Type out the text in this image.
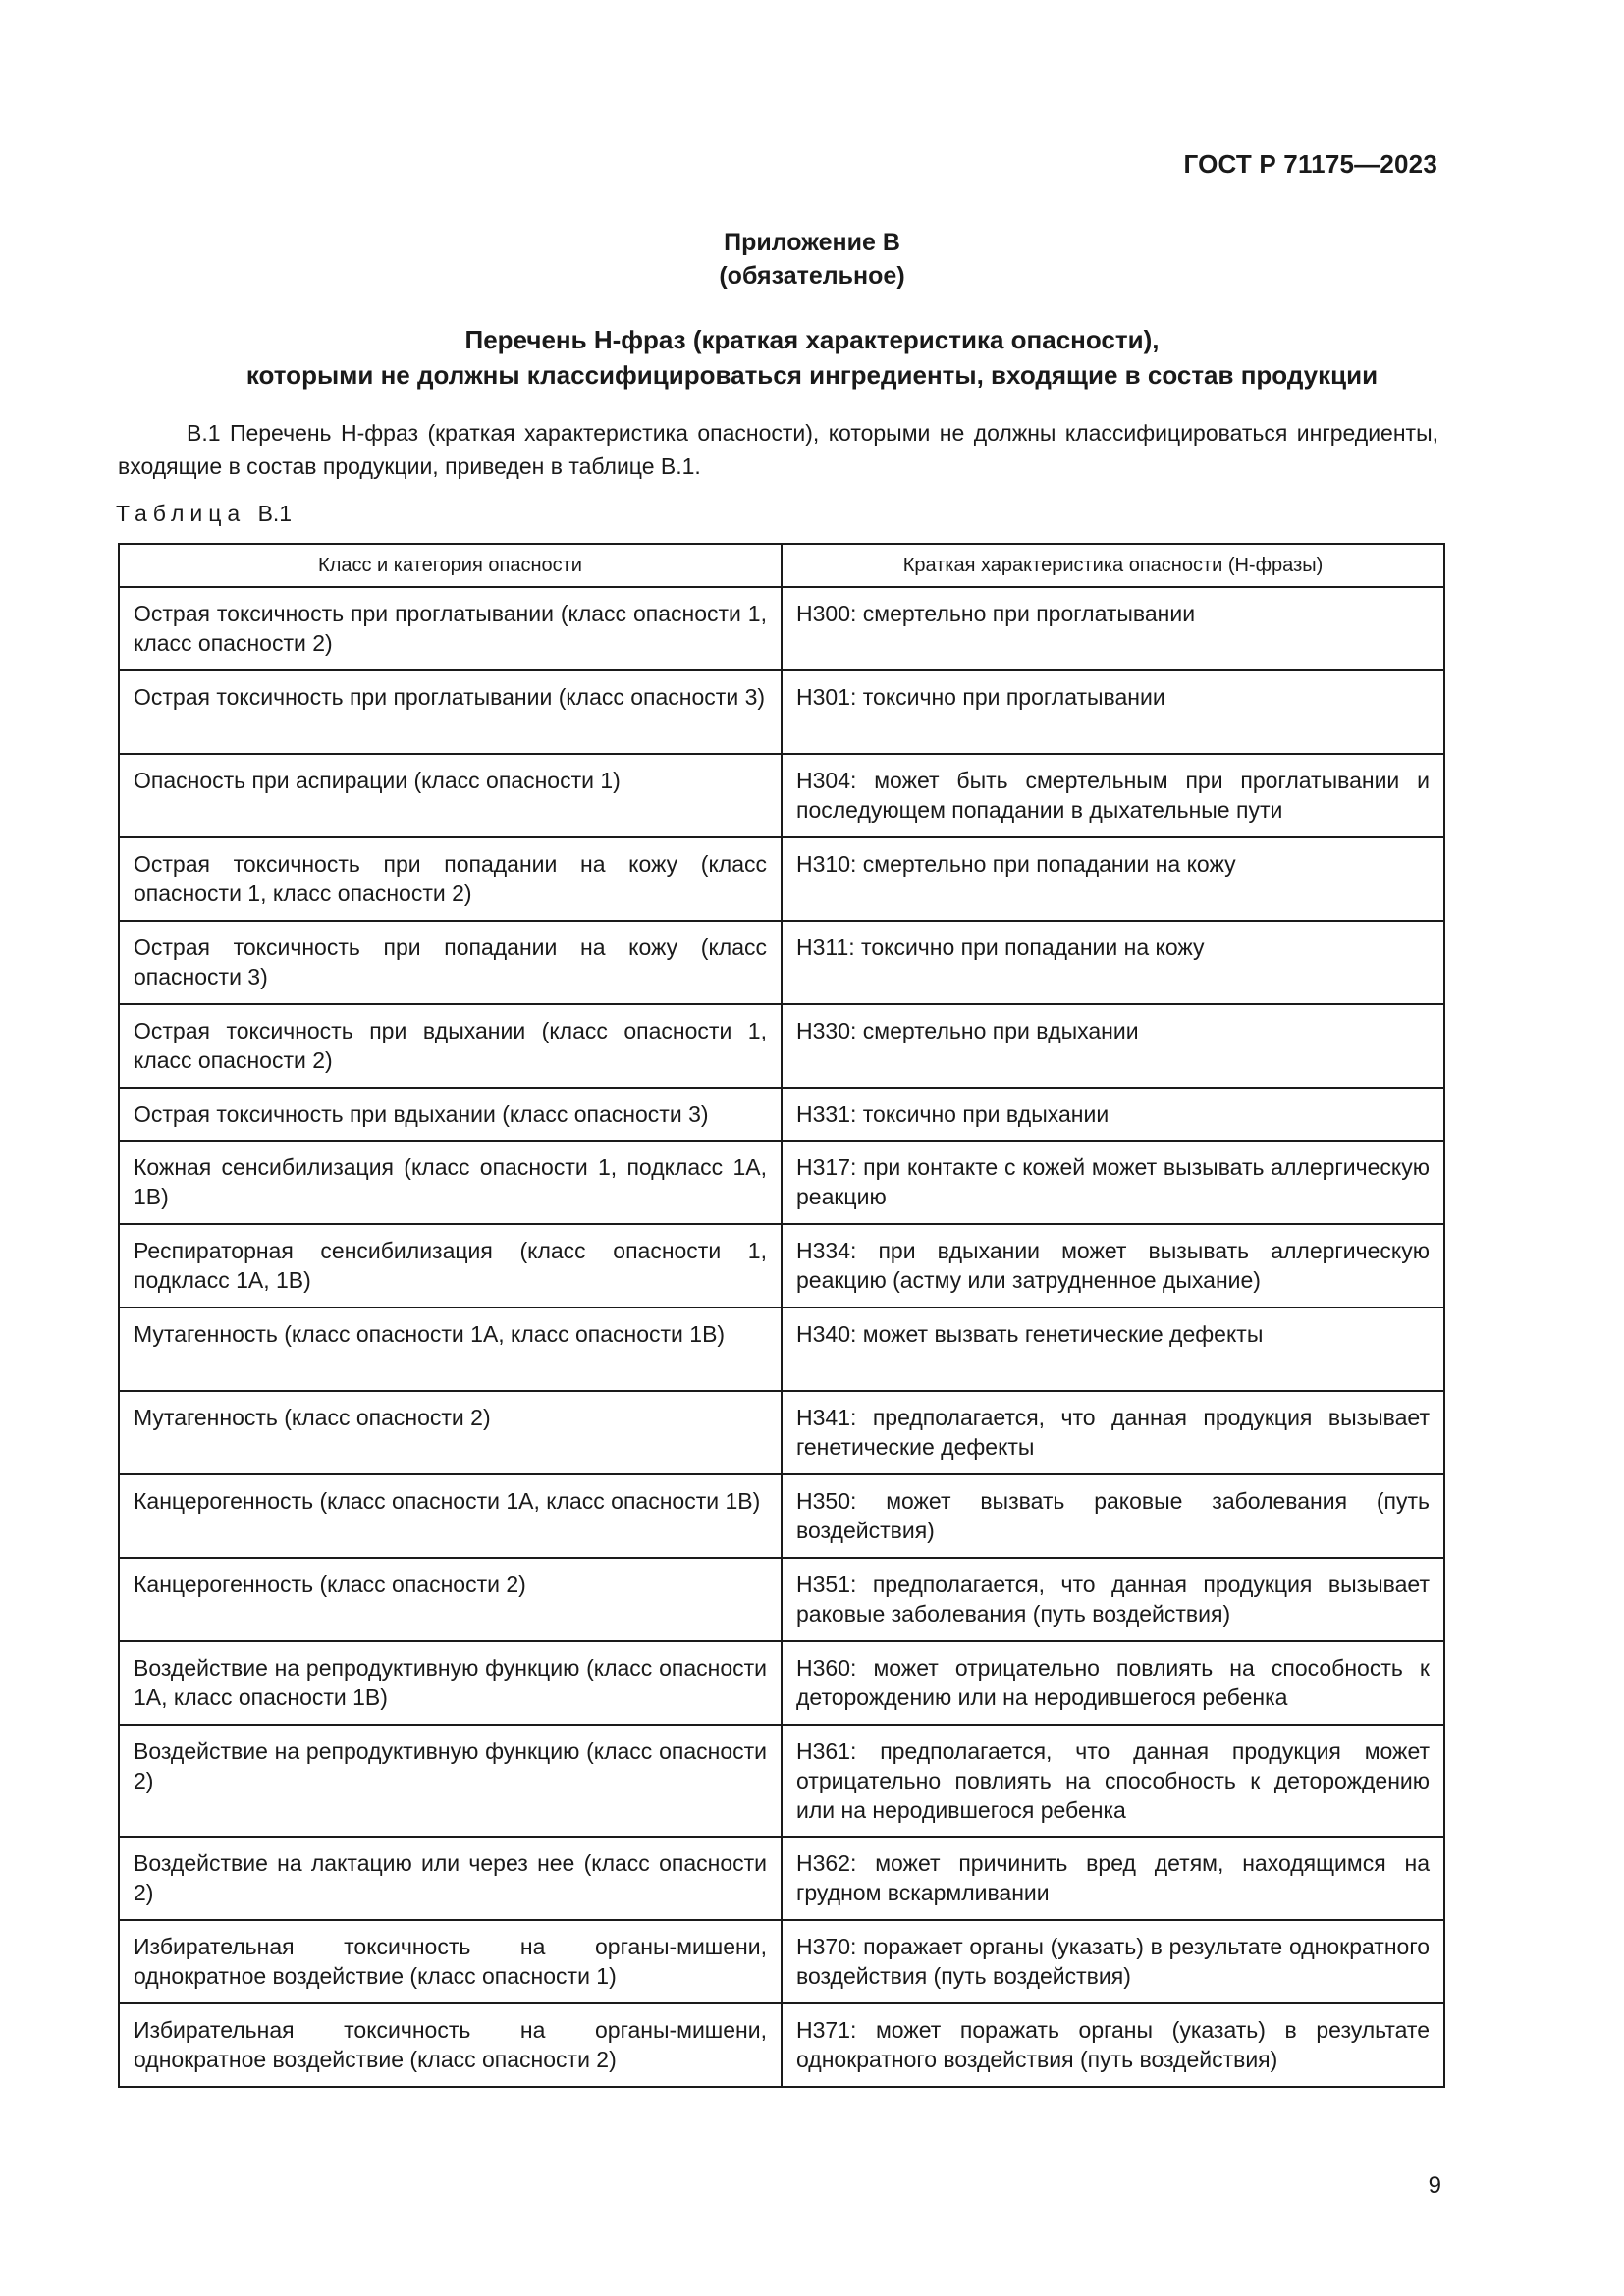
ГОСТ Р 71175—2023
Приложение В
(обязательное)
Перечень Н-фраз (краткая характеристика опасности),
которыми не должны классифицироваться ингредиенты, входящие в состав продукции

В.1 Перечень Н-фраз (краткая характеристика опасности), которыми не должны классифицироваться ингредиенты, входящие в состав продукции, приведен в таблице В.1.

Таблица В.1
Класс и категория опасности	Краткая характеристика опасности (Н-фразы)
Острая токсичность при проглатывании (класс опасности 1, класс опасности 2)	Н300: смертельно при проглатывании
Острая токсичность при проглатывании (класс опасности 3)	Н301: токсично при проглатывании
Опасность при аспирации (класс опасности 1)	Н304: может быть смертельным при проглатывании и последующем попадании в дыхательные пути
Острая токсичность при попадании на кожу (класс опасности 1, класс опасности 2)	Н310: смертельно при попадании на кожу
Острая токсичность при попадании на кожу (класс опасности 3)	Н311: токсично при попадании на кожу
Острая токсичность при вдыхании (класс опасности 1, класс опасности 2)	Н330: смертельно при вдыхании
Острая токсичность при вдыхании (класс опасности 3)	Н331: токсично при вдыхании
Кожная сенсибилизация (класс опасности 1, подкласс 1А, 1В)	Н317: при контакте с кожей может вызывать аллергическую реакцию
Респираторная сенсибилизация (класс опасности 1, подкласс 1А, 1В)	Н334: при вдыхании может вызывать аллергическую реакцию (астму или затрудненное дыхание)
Мутагенность (класс опасности 1А, класс опасности 1В)	Н340: может вызвать генетические дефекты
Мутагенность (класс опасности 2)	Н341: предполагается, что данная продукция вызывает генетические дефекты
Канцерогенность (класс опасности 1А, класс опасности 1В)	Н350: может вызвать раковые заболевания (путь воздействия)
Канцерогенность (класс опасности 2)	Н351: предполагается, что данная продукция вызывает раковые заболевания (путь воздействия)
Воздействие на репродуктивную функцию (класс опасности 1А, класс опасности 1В)	Н360: может отрицательно повлиять на способность к деторождению или на неродившегося ребенка
Воздействие на репродуктивную функцию (класс опасности 2)	Н361: предполагается, что данная продукция может отрицательно повлиять на способность к деторождению или на неродившегося ребенка
Воздействие на лактацию или через нее (класс опасности 2)	Н362: может причинить вред детям, находящимся на грудном вскармливании
Избирательная токсичность на органы-мишени, однократное воздействие (класс опасности 1)	Н370: поражает органы (указать) в результате однократного воздействия (путь воздействия)
Избирательная токсичность на органы-мишени, однократное воздействие (класс опасности 2)	Н371: может поражать органы (указать) в результате однократного воздействия (путь воздействия)
9
